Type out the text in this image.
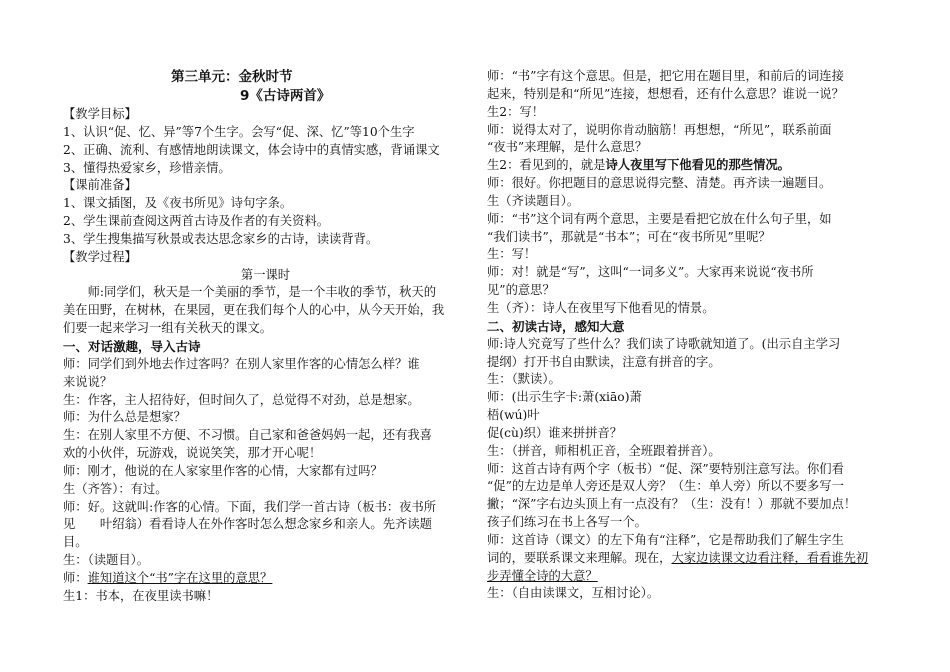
第三单元：金秋时节
9《古诗两首》
【教学目标】
1、认识“促、忆、异”等7个生字。会写“促、深、忆”等10个生字
2、正确、流利、有感情地朗读课文，体会诗中的真情实感，背诵课文
3、懂得热爱家乡，珍惜亲情。
【课前准备】
1、课文插图，及《夜书所见》诗句字条。
2、学生课前查阅这两首古诗及作者的有关资料。
3、学生搜集描写秋景或表达思念家乡的古诗，读读背背。
【教学过程】
第一课时
　　师:同学们，秋天是一个美丽的季节，是一个丰收的季节，秋天的
美在田野，在树林，在果园，更在我们每个人的心中，从今天开始，我
们要一起来学习一组有关秋天的课文。
一、对话激趣，导入古诗
师：同学们到外地去作过客吗？在别人家里作客的心情怎么样？谁
来说说？
生：作客，主人招待好，但时间久了，总觉得不对劲，总是想家。
师：为什么总是想家？
生：在别人家里不方便、不习惯。自己家和爸爸妈妈一起，还有我喜
欢的小伙伴，玩游戏，说说笑笑，那才开心呢！
师：刚才，他说的在人家家里作客的心情，大家都有过吗？
生（齐答）：有过。
师：好。这就叫:作客的心情。下面，我们学一首古诗（板书：夜书所
见　　叶绍翁）看看诗人在外作客时怎么想念家乡和亲人。先齐读题
目。
生：（读题目）。
师：谁知道这个“书”字在这里的意思？
生1：书本，在夜里读书嘛！
师：“书”字有这个意思。但是，把它用在题目里，和前后的词连接
起来，特别是和“所见”连接，想想看，还有什么意思？谁说一说？
生2：写！
师：说得太对了，说明你肯动脑筋！再想想，“所见”，联系前面
“夜书”来理解，是什么意思？
生2：看见到的，就是诗人夜里写下他看见的那些情况。
师：很好。你把题目的意思说得完整、清楚。再齐读一遍题目。
生（齐读题目）。
师：“书”这个词有两个意思，主要是看把它放在什么句子里，如
“我们读书”，那就是“书本”；可在“夜书所见”里呢？
生：写！
师：对！就是“写”，这叫“一词多义”。大家再来说说“夜书所
见”的意思？
生（齐）：诗人在夜里写下他看见的情景。
二、初读古诗，感知大意
师:诗人究竟写了些什么？我们读了诗歌就知道了。(出示自主学习
提纲）打开书自由默读，注意有拼音的字。
生：（默读）。
师：(出示生字卡:萧(xiāo)萧
梧(wú)叶
促(cù)织）谁来拼拼音？
生：（拼音，师相机正音，全班跟着拼音）。
师：这首古诗有两个字（板书）“促、深”要特别注意写法。你们看
“促”的左边是单人旁还是双人旁？（生：单人旁）所以不要多写一
撇；“深”字右边头顶上有一点没有？（生：没有！）那就不要加点！
孩子们练习在书上各写一个。
师：这首诗（课文）的左下角有“注释”，它是帮助我们了解生字生
词的，要联系课文来理解。现在，大家边读课文边看注释，看看谁先初
步弄懂全诗的大意？
生：（自由读课文，互相讨论）。
